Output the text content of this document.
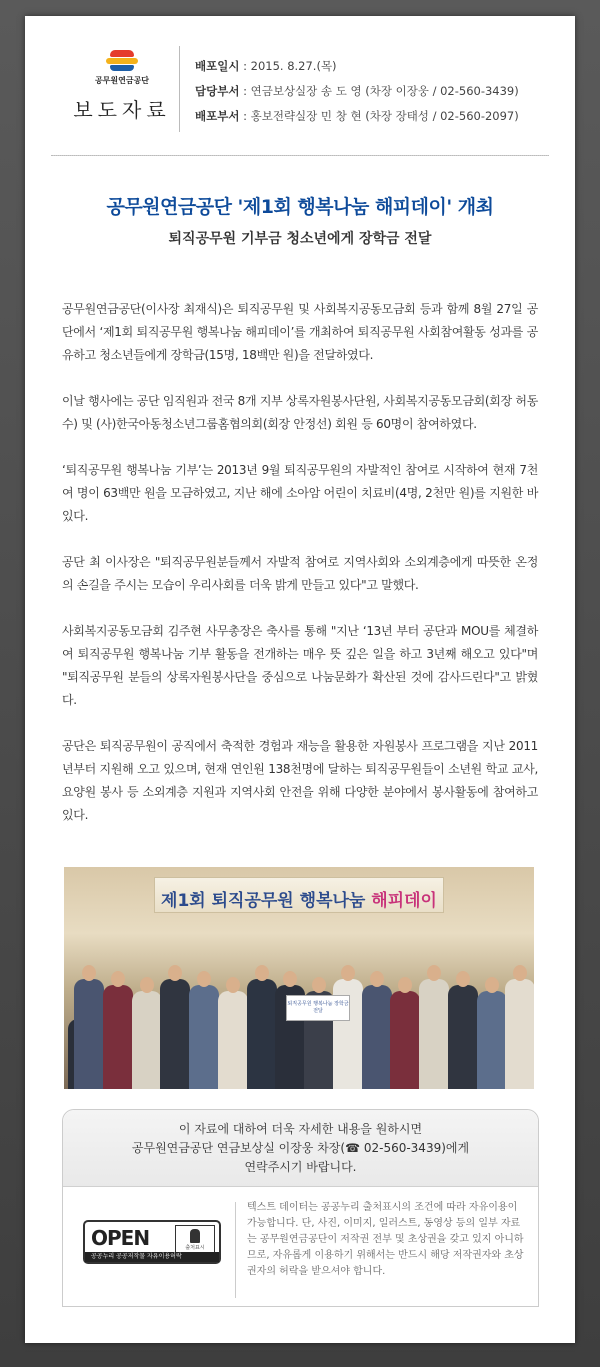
공무원연금공단
보도자료
배포일시 : 2015. 8.27.(목)
담당부서 : 연금보상실장 송 도 영 (차장 이장웅 / 02-560-3439)
배포부서 : 홍보전략실장 민 창 현 (차장 장태성 / 02-560-2097)
공무원연금공단 '제1회 행복나눔 해피데이' 개최
퇴직공무원 기부금 청소년에게 장학금 전달

공무원연금공단(이사장 최재식)은 퇴직공무원 및 사회복지공동모금회 등과 함께 8월 27일 공단에서 ‘제1회 퇴직공무원 행복나눔 해피데이’를 개최하여 퇴직공무원 사회참여활동 성과를 공유하고 청소년들에게 장학금(15명, 18백만 원)을 전달하였다.

이날 행사에는 공단 임직원과 전국 8개 지부 상록자원봉사단원, 사회복지공동모금회(회장 허동수) 및 (사)한국아동청소년그룹홈협의회(회장 안정선) 회원 등 60명이 참여하였다.

‘퇴직공무원 행복나눔 기부’는 2013년 9월 퇴직공무원의 자발적인 참여로 시작하여 현재 7천여 명이 63백만 원을 모금하였고, 지난 해에 소아암 어린이 치료비(4명, 2천만 원)를 지원한 바 있다.

공단 최 이사장은 "퇴직공무원분들께서 자발적 참여로 지역사회와 소외계층에게 따뜻한 온정의 손길을 주시는 모습이 우리사회를 더욱 밝게 만들고 있다"고 말했다.

사회복지공동모금회 김주현 사무총장은 축사를 통해 "지난 ‘13년 부터 공단과 MOU를 체결하여 퇴직공무원 행복나눔 기부 활동을 전개하는 매우 뜻 깊은 일을 하고 3년째 해오고 있다"며 "퇴직공무원 분들의 상록자원봉사단을 중심으로 나눔문화가 확산된 것에 감사드린다"고 밝혔다.

공단은 퇴직공무원이 공직에서 축적한 경험과 재능을 활용한 자원봉사 프로그램을 지난 2011년부터 지원해 오고 있으며, 현재 연인원 138천명에 달하는 퇴직공무원들이 소년원 학교 교사, 요양원 봉사 등 소외계층 지원과 지역사회 안전을 위해 다양한 분야에서 봉사활동에 참여하고 있다.

제1회 퇴직공무원 행복나눔 해피데이
퇴직공무원 행복나눔 장학금 전달
이 자료에 대하여 더욱 자세한 내용을 원하시면
공무원연금공단 연금보상실 이장웅 차장(☎ 02-560-3439)에게
연락주시기 바랍니다.
OPEN	출처표시
공공누리 공공저작물 자유이용허락
텍스트 데이터는 공공누리 출처표시의 조건에 따라 자유이용이 가능합니다. 단, 사진, 이미지, 일러스트, 동영상 등의 일부 자료는 공무원연금공단이 저작권 전부 및 초상권을 갖고 있지 아니하므로, 자유롭게 이용하기 위해서는 반드시 해당 저작권자와 초상권자의 허락을 받으셔야 합니다.
